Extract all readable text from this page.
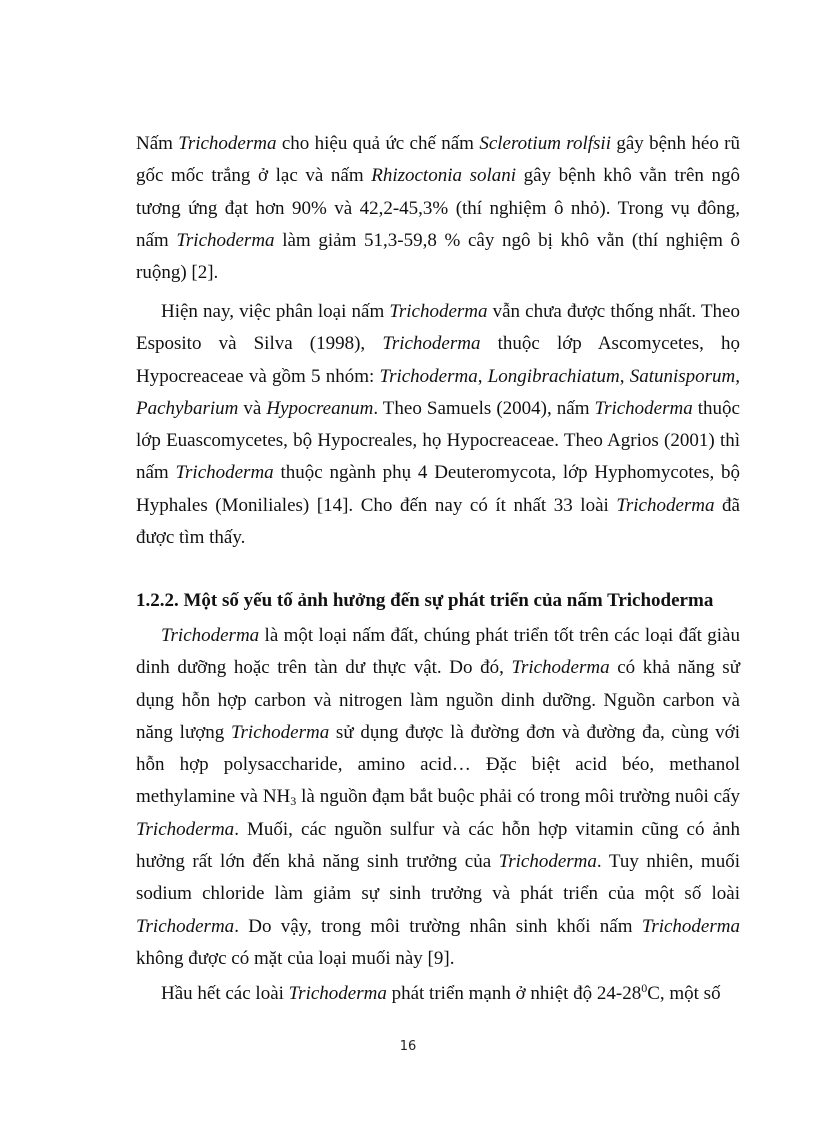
Nấm Trichoderma cho hiệu quả ức chế nấm Sclerotium rolfsii gây bệnh héo rũ gốc mốc trắng ở lạc và nấm Rhizoctonia solani gây bệnh khô vằn trên ngô tương ứng đạt hơn 90% và 42,2-45,3% (thí nghiệm ô nhỏ). Trong vụ đông, nấm Trichoderma làm giảm 51,3-59,8 % cây ngô bị khô vằn (thí nghiệm ô ruộng) [2].

Hiện nay, việc phân loại nấm Trichoderma vẫn chưa được thống nhất. Theo Esposito và Silva (1998), Trichoderma thuộc lớp Ascomycetes, họ Hypocreaceae và gồm 5 nhóm: Trichoderma, Longibrachiatum, Satunisporum, Pachybarium và Hypocreanum. Theo Samuels (2004), nấm Trichoderma thuộc lớp Euascomycetes, bộ Hypocreales, họ Hypocreaceae. Theo Agrios (2001) thì nấm Trichoderma thuộc ngành phụ 4 Deuteromycota, lớp Hyphomycotes, bộ Hyphales (Moniliales) [14]. Cho đến nay có ít nhất 33 loài Trichoderma đã được tìm thấy.

1.2.2. Một số yếu tố ảnh hưởng đến sự phát triển của nấm Trichoderma

Trichoderma là một loại nấm đất, chúng phát triển tốt trên các loại đất giàu dinh dưỡng hoặc trên tàn dư thực vật. Do đó, Trichoderma có khả năng sử dụng hỗn hợp carbon và nitrogen làm nguồn dinh dưỡng. Nguồn carbon và năng lượng Trichoderma sử dụng được là đường đơn và đường đa, cùng với hỗn hợp polysaccharide, amino acid… Đặc biệt acid béo, methanol methylamine và $NH_3$ là nguồn đạm bắt buộc phải có trong môi trường nuôi cấy Trichoderma. Muối, các nguồn sulfur và các hỗn hợp vitamin cũng có ảnh hưởng rất lớn đến khả năng sinh trưởng của Trichoderma. Tuy nhiên, muối sodium chloride làm giảm sự sinh trưởng và phát triển của một số loài Trichoderma. Do vậy, trong môi trường nhân sinh khối nấm Trichoderma không được có mặt của loại muối này [9].

Hầu hết các loài Trichoderma phát triển mạnh ở nhiệt độ $24-28^0C$, một số

16
